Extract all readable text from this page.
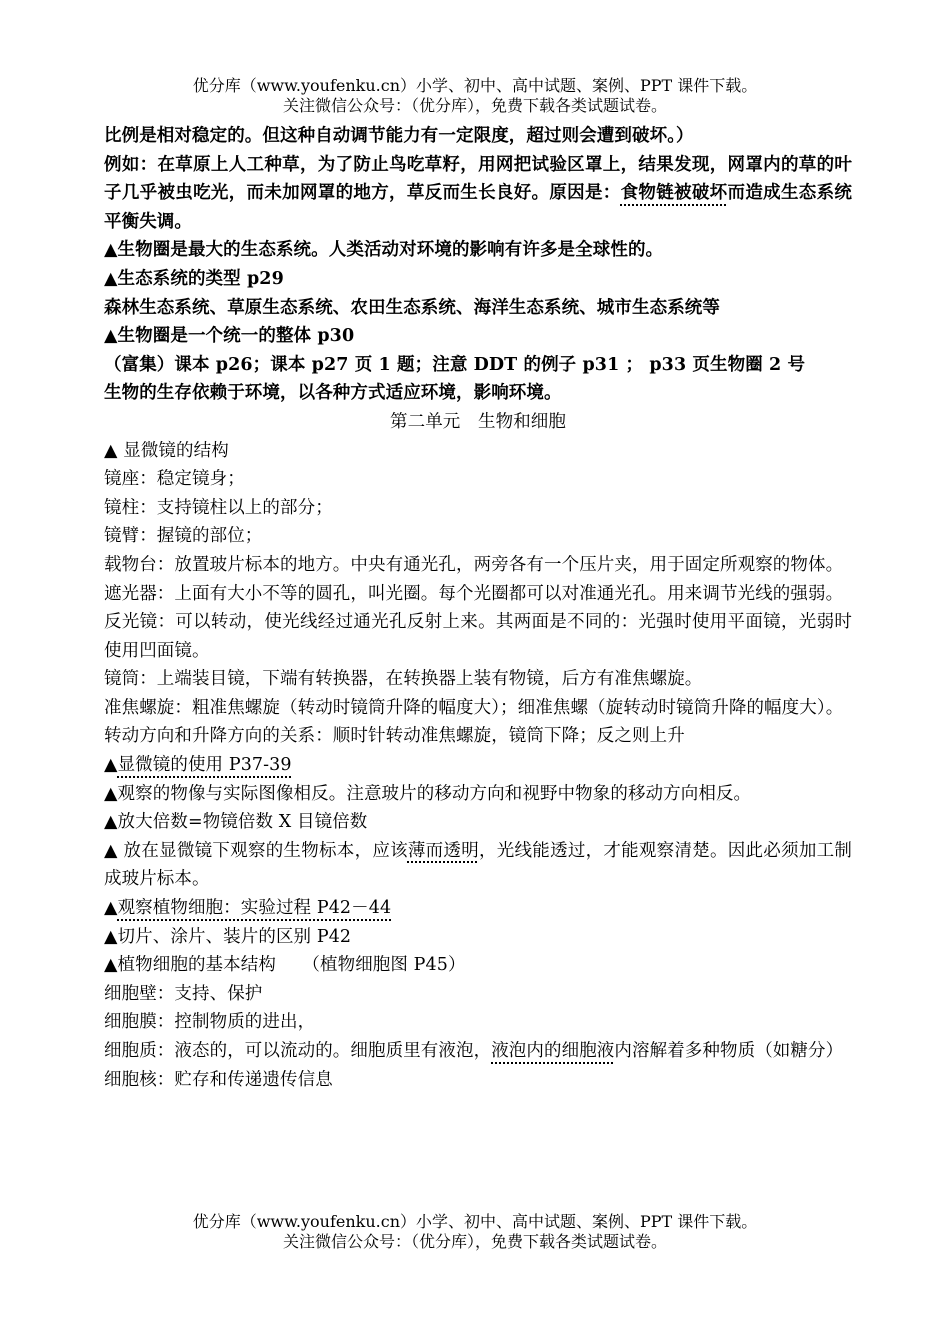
优分库（www.youfenku.cn）小学、初中、高中试题、案例、PPT 课件下载。
关注微信公众号：（优分库），免费下载各类试题试卷。

比例是相对稳定的。但这种自动调节能力有一定限度，超过则会遭到破坏。）

例如：在草原上人工种草，为了防止鸟吃草籽，用网把试验区罩上，结果发现，网罩内的草的叶子几乎被虫吃光，而未加网罩的地方，草反而生长良好。原因是：食物链被破坏而造成生态系统平衡失调。

▲生物圈是最大的生态系统。人类活动对环境的影响有许多是全球性的。

▲生态系统的类型 p29

森林生态系统、草原生态系统、农田生态系统、海洋生态系统、城市生态系统等

▲生物圈是一个统一的整体 p30

（富集）课本 p26；课本 p27 页 1 题；注意 DDT 的例子 p31 ； p33 页生物圈 2 号

生物的生存依赖于环境，以各种方式适应环境，影响环境。

第二单元　生物和细胞

▲ 显微镜的结构

镜座：稳定镜身；

镜柱：支持镜柱以上的部分；

镜臂：握镜的部位；

载物台：放置玻片标本的地方。中央有通光孔，两旁各有一个压片夹，用于固定所观察的物体。

遮光器：上面有大小不等的圆孔，叫光圈。每个光圈都可以对准通光孔。用来调节光线的强弱。

反光镜：可以转动，使光线经过通光孔反射上来。其两面是不同的：光强时使用平面镜，光弱时使用凹面镜。

镜筒：上端装目镜，下端有转换器，在转换器上装有物镜，后方有准焦螺旋。

准焦螺旋：粗准焦螺旋（转动时镜筒升降的幅度大）；细准焦螺（旋转动时镜筒升降的幅度大）。

转动方向和升降方向的关系：顺时针转动准焦螺旋，镜筒下降；反之则上升

▲显微镜的使用 P37-39

▲观察的物像与实际图像相反。注意玻片的移动方向和视野中物象的移动方向相反。

▲放大倍数=物镜倍数 X 目镜倍数

▲ 放在显微镜下观察的生物标本，应该薄而透明，光线能透过，才能观察清楚。因此必须加工制成玻片标本。

▲观察植物细胞：实验过程 P42－44

▲切片、涂片、装片的区别 P42

▲植物细胞的基本结构　　（植物细胞图 P45）

细胞壁：支持、保护

细胞膜：控制物质的进出，

细胞质：液态的，可以流动的。细胞质里有液泡，液泡内的细胞液内溶解着多种物质（如糖分）

细胞核：贮存和传递遗传信息

优分库（www.youfenku.cn）小学、初中、高中试题、案例、PPT 课件下载。
关注微信公众号：（优分库），免费下载各类试题试卷。
